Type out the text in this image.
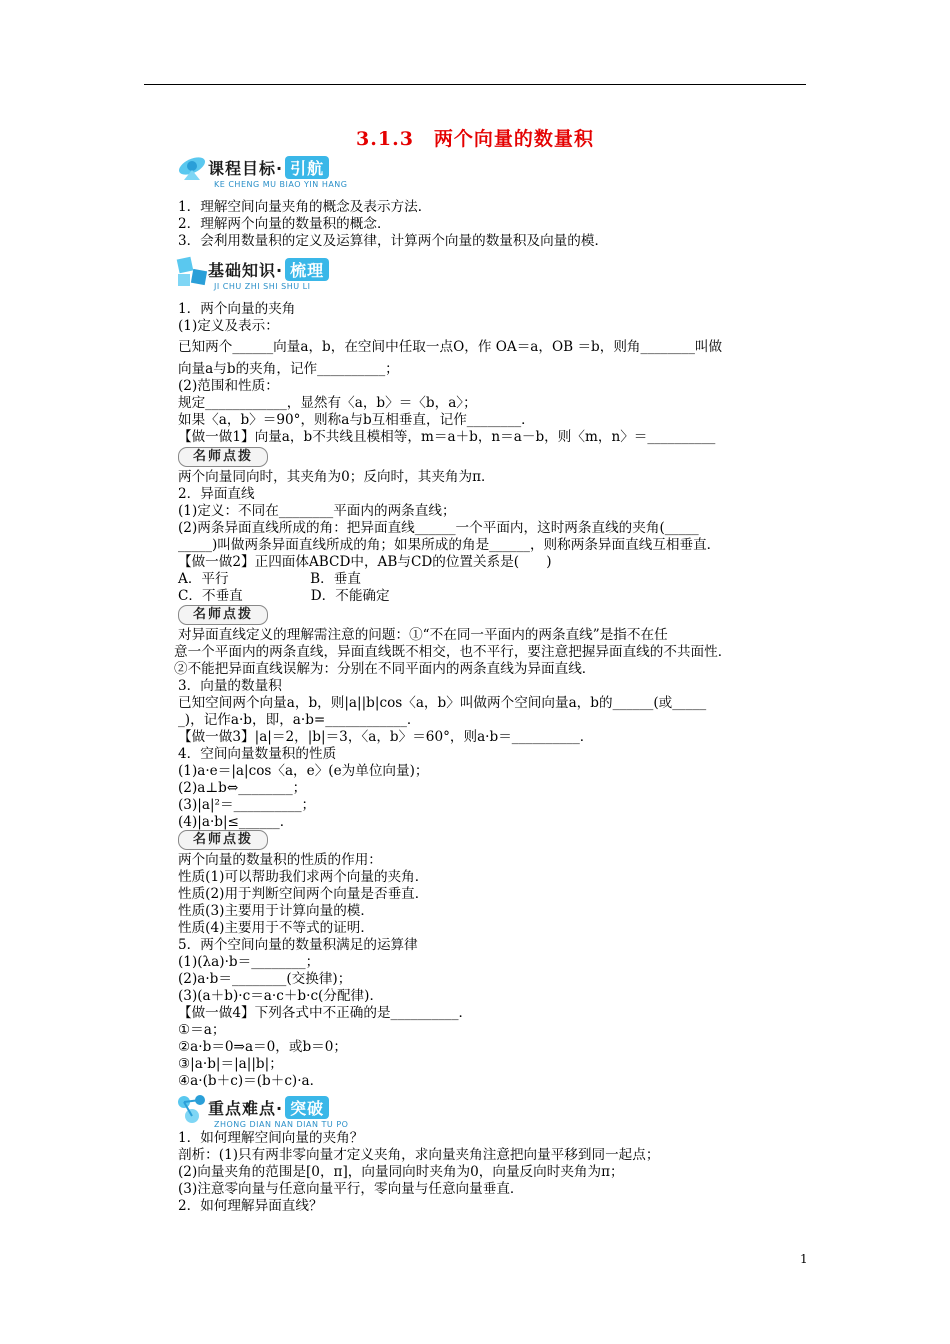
3.1.3　两个向量的数量积
课程目标· 引航
KE CHENG MU BIAO YIN HANG
1．理解空间向量夹角的概念及表示方法．
2．理解两个向量的数量积的概念．
3．会利用数量积的定义及运算律，计算两个向量的数量积及向量的模．
基础知识· 梳理
JI CHU ZHI SHI SHU LI
1．两个向量的夹角
(1)定义及表示：
已知两个______向量a，b，在空间中任取一点O，作 OA＝a，OB ＝b，则角________叫做
向量a与b的夹角，记作__________；
(2)范围和性质：
规定____________，显然有〈a，b〉＝〈b，a〉；
如果〈a，b〉＝90°，则称a与b互相垂直，记作________．
【做一做1】向量a，b不共线且模相等，m＝a＋b，n＝a－b，则〈m，n〉＝__________
名师点拨
两个向量同向时，其夹角为0；反向时，其夹角为π．
2．异面直线
(1)定义：不同在________平面内的两条直线；
(2)两条异面直线所成的角：把异面直线______一个平面内，这时两条直线的夹角(_____
_____)叫做两条异面直线所成的角；如果所成的角是______，则称两条异面直线互相垂直．
【做一做2】正四面体ABCD中，AB与CD的位置关系是(　　)
A．平行　　　　　　B．垂直
C．不垂直　　　　　D．不能确定
名师点拨
对异面直线定义的理解需注意的问题：①“不在同一平面内的两条直线”是指不在任
意一个平面内的两条直线，异面直线既不相交，也不平行，要注意把握异面直线的不共面性．
②不能把异面直线误解为：分别在不同平面内的两条直线为异面直线．
3．向量的数量积
已知空间两个向量a，b，则|a||b|cos〈a，b〉叫做两个空间向量a，b的______(或_____
_)，记作a·b，即，a·b=____________．
【做一做3】|a|＝2，|b|＝3，〈a，b〉＝60°，则a·b＝__________．
4．空间向量数量积的性质
(1)a·e＝|a|cos〈a，e〉(e为单位向量)；
(2)a⊥b⇔________；
(3)|a|²＝__________；
(4)|a·b|≤______．
名师点拨
两个向量的数量积的性质的作用：
性质(1)可以帮助我们求两个向量的夹角．
性质(2)用于判断空间两个向量是否垂直．
性质(3)主要用于计算向量的模．
性质(4)主要用于不等式的证明．
5．两个空间向量的数量积满足的运算律
(1)(λa)·b＝________；
(2)a·b＝________(交换律)；
(3)(a＋b)·c＝a·c＋b·c(分配律)．
【做一做4】下列各式中不正确的是__________．
①＝a；
②a·b＝0⇒a＝0，或b＝0；
③|a·b|＝|a||b|；
④a·(b＋c)＝(b＋c)·a．
重点难点· 突破
ZHONG DIAN NAN DIAN TU PO
1．如何理解空间向量的夹角？
剖析：(1)只有两非零向量才定义夹角，求向量夹角注意把向量平移到同一起点；
(2)向量夹角的范围是[0，π]，向量同向时夹角为0，向量反向时夹角为π；
(3)注意零向量与任意向量平行，零向量与任意向量垂直．
2．如何理解异面直线？
1
